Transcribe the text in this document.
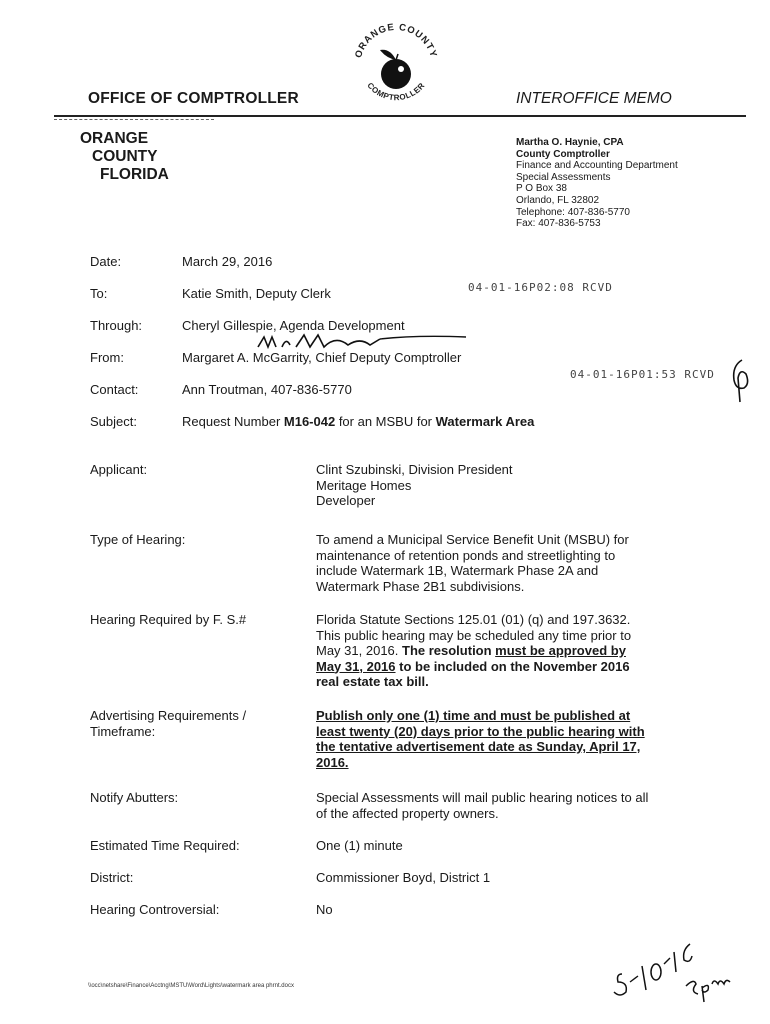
ORANGE COUNTY
COMPTROLLER
OFFICE OF COMPTROLLER	INTEROFFICE MEMO
ORANGE
COUNTY
FLORIDA
Martha O. Haynie, CPA
County Comptroller
Finance and Accounting Department
Special Assessments
P O Box 38
Orlando, FL 32802
Telephone: 407-836-5770
Fax: 407-836-5753
Date:	March 29, 2016
To:	Katie Smith, Deputy Clerk	04-01-16P02:08 RCVD
Through:	Cheryl Gillespie, Agenda Development
From:	Margaret A. McGarrity, Chief Deputy Comptroller
04-01-16P01:53 RCVD
Contact:	Ann Troutman, 407-836-5770
Subject:	Request Number M16-042 for an MSBU for Watermark Area
Applicant:	Clint Szubinski, Division President
Meritage Homes
Developer
Type of Hearing:	To amend a Municipal Service Benefit Unit (MSBU) for
maintenance of retention ponds and streetlighting to
include Watermark 1B, Watermark Phase 2A and
Watermark Phase 2B1 subdivisions.
Hearing Required by F. S.#	Florida Statute Sections 125.01 (01) (q) and 197.3632.
This public hearing may be scheduled any time prior to
May 31, 2016. The resolution must be approved by
May 31, 2016 to be included on the November 2016
real estate tax bill.
Advertising Requirements /
Timeframe:
Publish only one (1) time and must be published at
least twenty (20) days prior to the public hearing with
the tentative advertisement date as Sunday, April 17,
2016.
Notify Abutters:	Special Assessments will mail public hearing notices to all
of the affected property owners.
Estimated Time Required:	One (1) minute
District:	Commissioner Boyd, District 1
Hearing Controversial:	No
\\occ\netshare\Finance\Acctng\MSTU\Word\Lights\watermark area phrnt.docx
